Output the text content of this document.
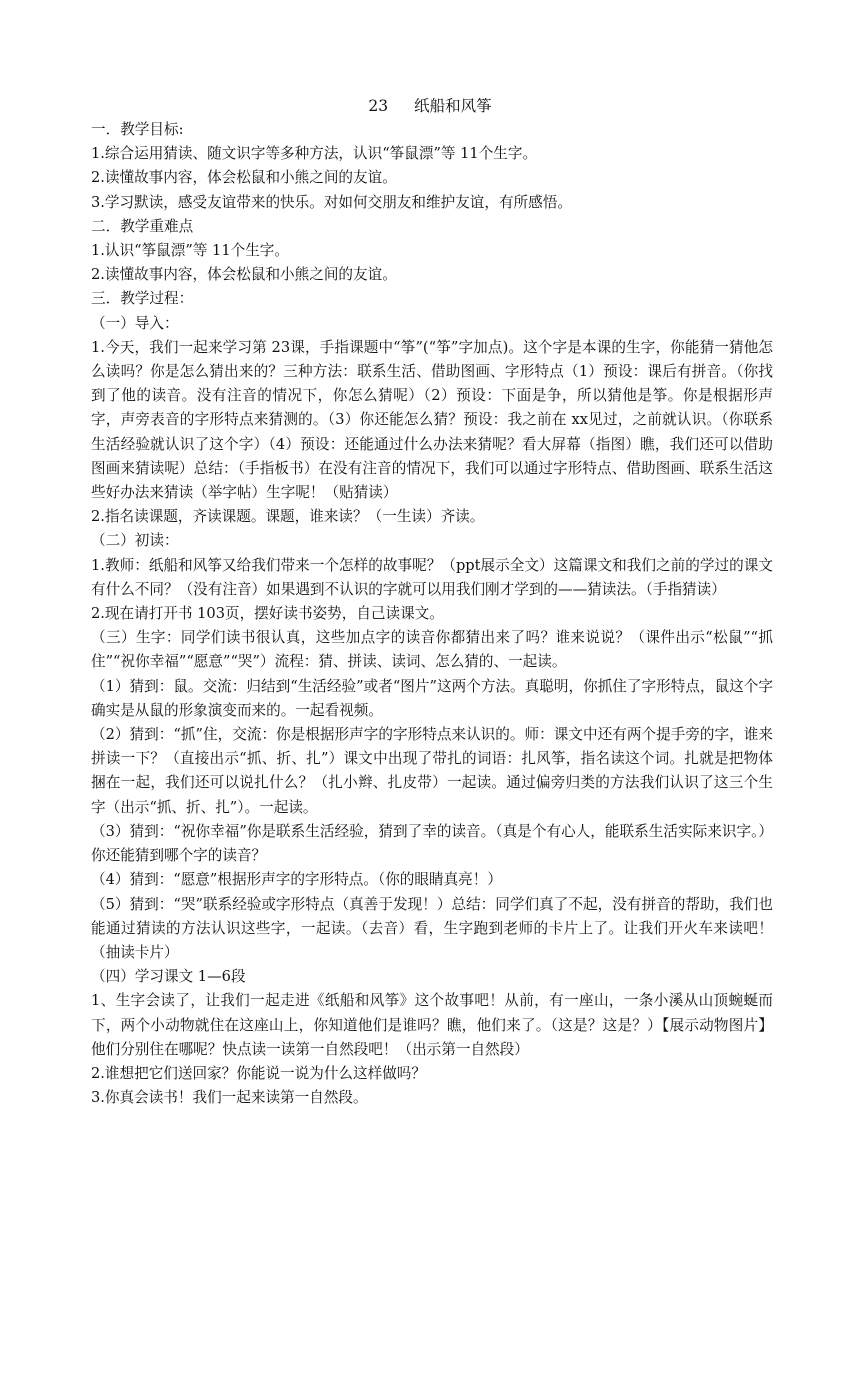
23 纸船和风筝

一．教学目标:

1.综合运用猜读、随文识字等多种方法，认识“筝鼠漂”等 11个生字。

2.读懂故事内容，体会松鼠和小熊之间的友谊。

3.学习默读，感受友谊带来的快乐。对如何交朋友和维护友谊，有所感悟。

二．教学重难点

1.认识“筝鼠漂”等 11个生字。

2.读懂故事内容，体会松鼠和小熊之间的友谊。

三．教学过程：

（一）导入：

1.今天，我们一起来学习第 23课，手指课题中“筝”(“筝”字加点)。这个字是本课的生字，你能猜一猜他怎么读吗？你是怎么猜出来的？三种方法：联系生活、借助图画、字形特点（1）预设：课后有拼音。（你找到了他的读音。没有注音的情况下，你怎么猜呢）（2）预设：下面是争，所以猜他是筝。你是根据形声字，声旁表音的字形特点来猜测的。（3）你还能怎么猜？预设：我之前在 xx见过，之前就认识。（你联系生活经验就认识了这个字）（4）预设：还能通过什么办法来猜呢？看大屏幕（指图）瞧，我们还可以借助图画来猜读呢）总结：（手指板书）在没有注音的情况下，我们可以通过字形特点、借助图画、联系生活这些好办法来猜读（举字帖）生字呢！（贴猜读）

2.指名读课题，齐读课题。课题，谁来读？（一生读）齐读。

（二）初读：

1.教师：纸船和风筝又给我们带来一个怎样的故事呢？（ppt展示全文）这篇课文和我们之前的学过的课文有什么不同？（没有注音）如果遇到不认识的字就可以用我们刚才学到的——猜读法。（手指猜读）

2.现在请打开书 103页，摆好读书姿势，自己读课文。

（三）生字：同学们读书很认真，这些加点字的读音你都猜出来了吗？谁来说说？（课件出示“松鼠”“抓住”“祝你幸福”“愿意”“哭”）流程：猜、拼读、读词、怎么猜的、一起读。

（1）猜到：鼠。交流：归结到“生活经验”或者“图片”这两个方法。真聪明，你抓住了字形特点，鼠这个字确实是从鼠的形象演变而来的。一起看视频。

（2）猜到：“抓”住，交流：你是根据形声字的字形特点来认识的。师：课文中还有两个提手旁的字，谁来拼读一下？（直接出示“抓、折、扎”）课文中出现了带扎的词语：扎风筝，指名读这个词。扎就是把物体捆在一起，我们还可以说扎什么？（扎小辫、扎皮带）一起读。通过偏旁归类的方法我们认识了这三个生字（出示“抓、折、扎”）。一起读。

（3）猜到：“祝你幸福”你是联系生活经验，猜到了幸的读音。（真是个有心人，能联系生活实际来识字。）你还能猜到哪个字的读音？

（4）猜到：“愿意”根据形声字的字形特点。（你的眼睛真亮！）

（5）猜到：“哭”联系经验或字形特点（真善于发现！）总结：同学们真了不起，没有拼音的帮助，我们也能通过猜读的方法认识这些字，一起读。（去音）看，生字跑到老师的卡片上了。让我们开火车来读吧！（抽读卡片）

（四）学习课文 1—6段

1、生字会读了，让我们一起走进《纸船和风筝》这个故事吧！从前，有一座山，一条小溪从山顶蜿蜒而下，两个小动物就住在这座山上，你知道他们是谁吗？瞧，他们来了。（这是？这是？）【展示动物图片】他们分别住在哪呢？快点读一读第一自然段吧！（出示第一自然段）

2.谁想把它们送回家？你能说一说为什么这样做吗？

3.你真会读书！我们一起来读第一自然段。
